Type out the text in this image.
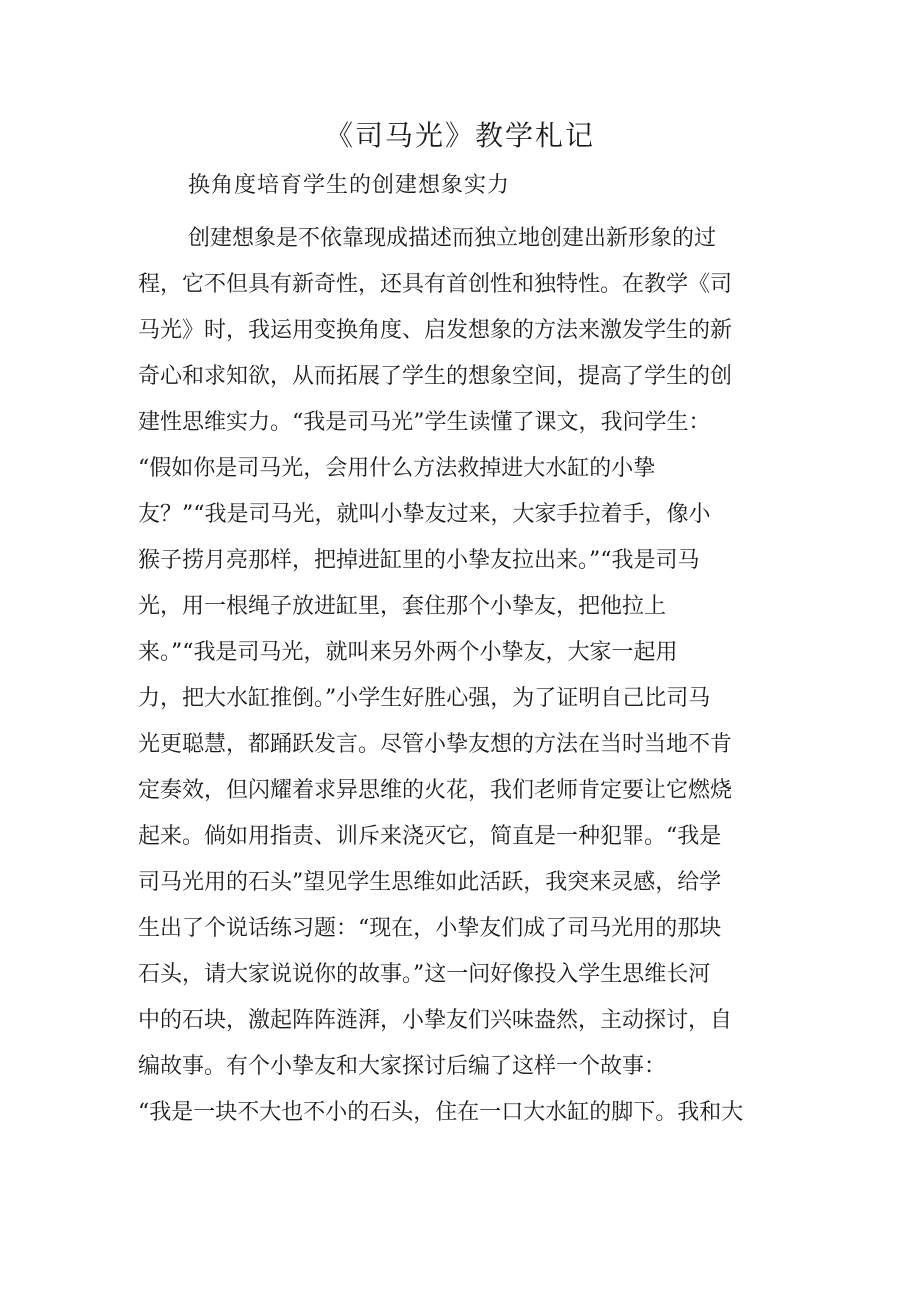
《司马光》教学札记
换角度培育学生的创建想象实力
创建想象是不依靠现成描述而独立地创建出新形象的过
程，它不但具有新奇性，还具有首创性和独特性。在教学《司
马光》时，我运用变换角度、启发想象的方法来激发学生的新
奇心和求知欲，从而拓展了学生的想象空间，提高了学生的创
建性思维实力。“我是司马光”学生读懂了课文，我问学生：
“假如你是司马光，会用什么方法救掉进大水缸的小挚
友？”“我是司马光，就叫小挚友过来，大家手拉着手，像小
猴子捞月亮那样，把掉进缸里的小挚友拉出来。”“我是司马
光，用一根绳子放进缸里，套住那个小挚友，把他拉上
来。”“我是司马光，就叫来另外两个小挚友，大家一起用
力，把大水缸推倒。”小学生好胜心强，为了证明自己比司马
光更聪慧，都踊跃发言。尽管小挚友想的方法在当时当地不肯
定奏效，但闪耀着求异思维的火花，我们老师肯定要让它燃烧
起来。倘如用指责、训斥来浇灭它，简直是一种犯罪。“我是
司马光用的石头”望见学生思维如此活跃，我突来灵感，给学
生出了个说话练习题：“现在，小挚友们成了司马光用的那块
石头，请大家说说你的故事。”这一问好像投入学生思维长河
中的石块，激起阵阵涟湃，小挚友们兴味盎然，主动探讨，自
编故事。有个小挚友和大家探讨后编了这样一个故事：
“我是一块不大也不小的石头，住在一口大水缸的脚下。我和大
